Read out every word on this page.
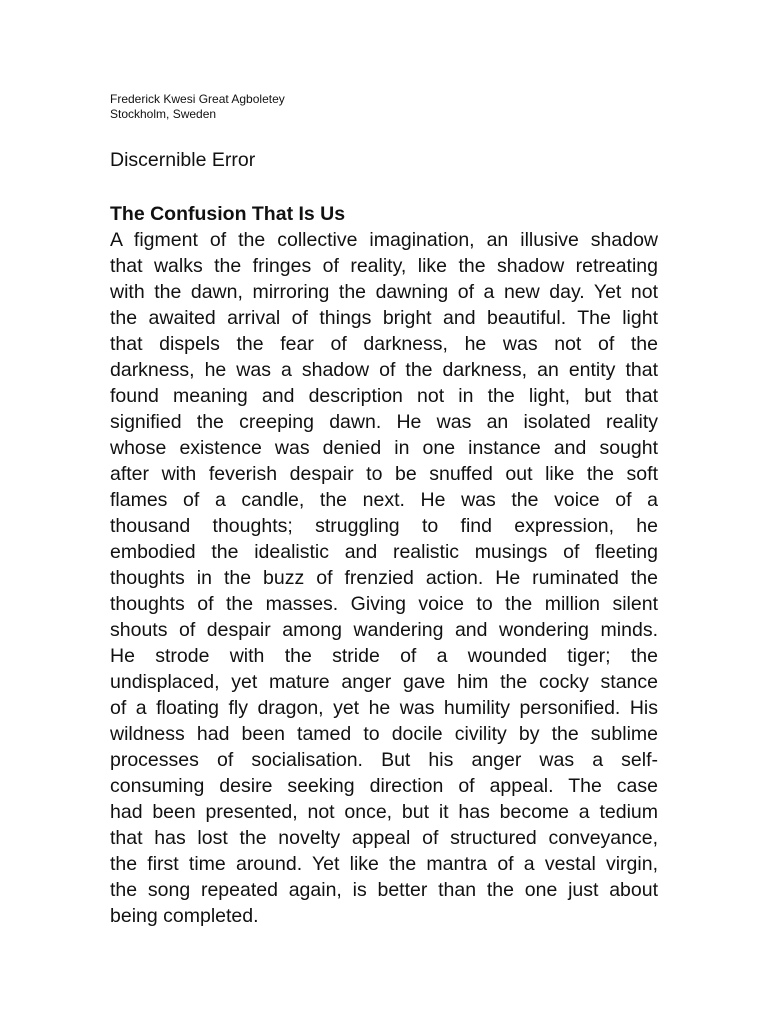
Frederick Kwesi Great Agboletey

Stockholm, Sweden

Discernible Error
The Confusion That Is Us
A figment of the collective imagination, an illusive shadow
that walks the fringes of reality, like the shadow retreating
with the dawn, mirroring the dawning of a new day. Yet not
the awaited arrival of things bright and beautiful. The light
that dispels the fear of darkness, he was not of the
darkness, he was a shadow of the darkness, an entity that
found meaning and description not in the light, but that
signified the creeping dawn. He was an isolated reality
whose existence was denied in one instance and sought
after with feverish despair to be snuffed out like the soft
flames of a candle, the next. He was the voice of a
thousand thoughts; struggling to find expression, he
embodied the idealistic and realistic musings of fleeting
thoughts in the buzz of frenzied action. He ruminated the
thoughts of the masses. Giving voice to the million silent
shouts of despair among wandering and wondering minds.
He strode with the stride of a wounded tiger; the
undisplaced, yet mature anger gave him the cocky stance
of a floating fly dragon, yet he was humility personified. His
wildness had been tamed to docile civility by the sublime
processes of socialisation. But his anger was a self-
consuming desire seeking direction of appeal. The case
had been presented, not once, but it has become a tedium
that has lost the novelty appeal of structured conveyance,
the first time around. Yet like the mantra of a vestal virgin,
the song repeated again, is better than the one just about
being completed.
